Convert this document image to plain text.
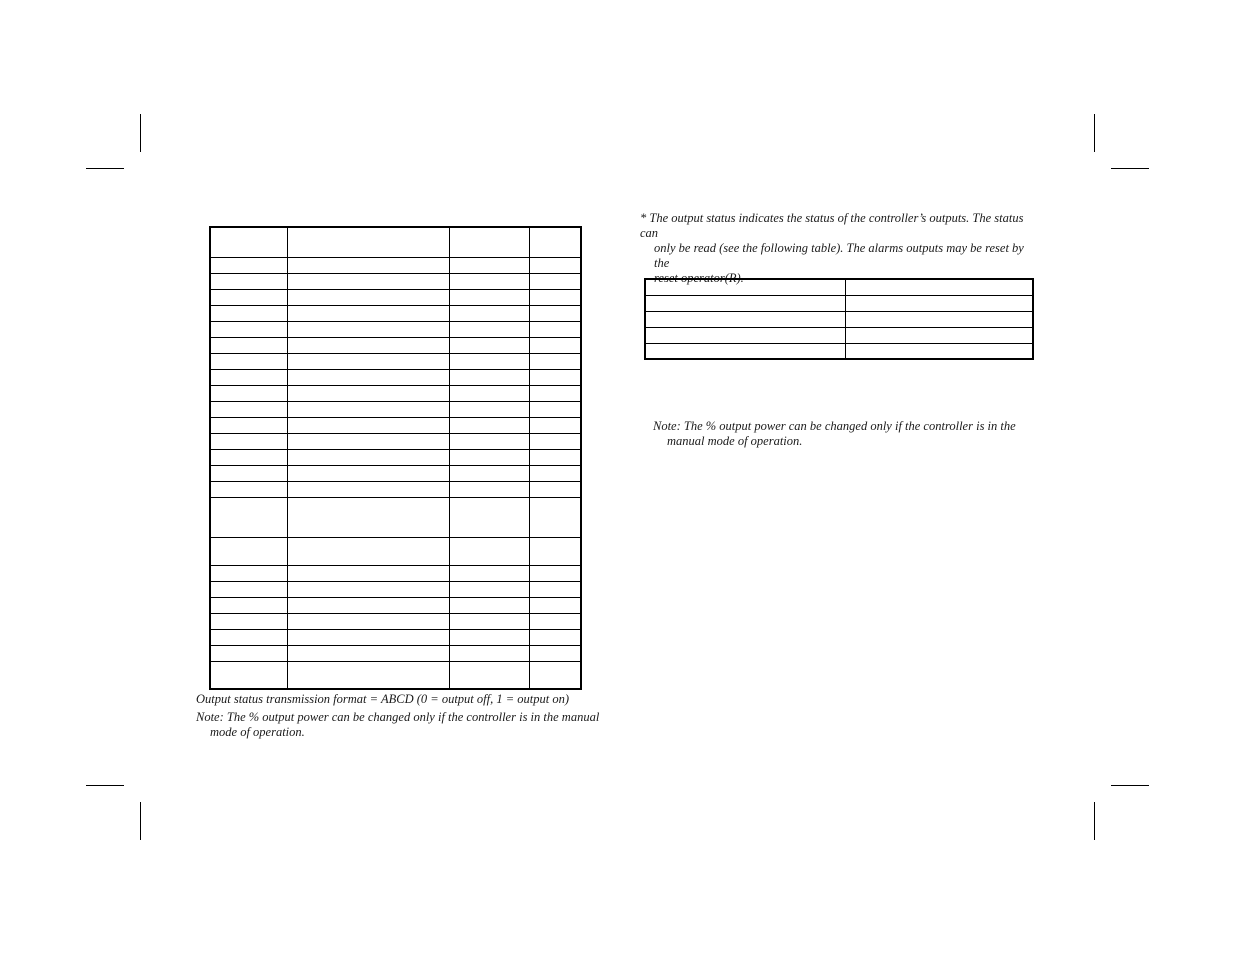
Output status transmission format = ABCD (0 = output off, 1 = output on)
Note: The % output power can be changed only if the controller is in the manual
mode of operation.
* The output status indicates the status of the controller’s outputs. The status can
only be read (see the following table). The alarms outputs may be reset by the
reset operator(R).

Note: The % output power can be changed only if the controller is in the
manual mode of operation.
